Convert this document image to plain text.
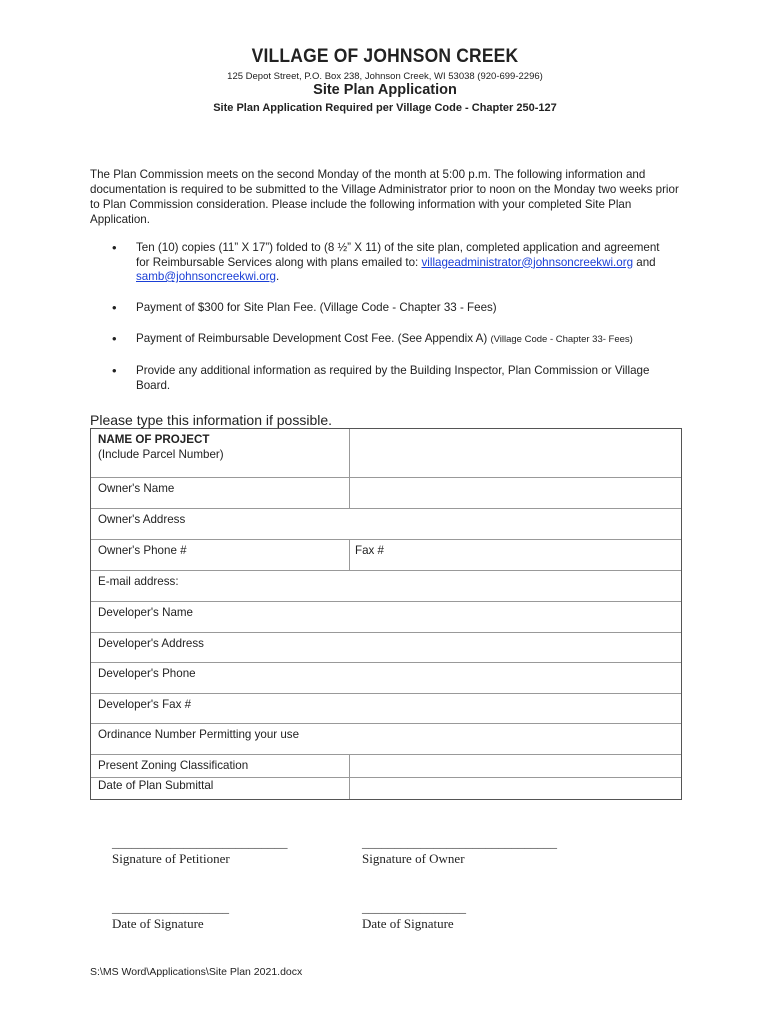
VILLAGE OF JOHNSON CREEK
125 Depot Street, P.O. Box 238, Johnson Creek, WI 53038 (920-699-2296)
Site Plan Application
Site Plan Application Required per Village Code - Chapter 250-127
The Plan Commission meets on the second Monday of the month at 5:00 p.m. The following information and documentation is required to be submitted to the Village Administrator prior to noon on the Monday two weeks prior to Plan Commission consideration. Please include the following information with your completed Site Plan Application.
• Ten (10) copies (11” X 17”) folded to (8 ½” X 11) of the site plan, completed application and agreement for Reimbursable Services along with plans emailed to: villageadministrator@johnsoncreekwi.org and samb@johnsoncreekwi.org.
• Payment of $300 for Site Plan Fee. (Village Code - Chapter 33 - Fees)
• Payment of Reimbursable Development Cost Fee. (See Appendix A) (Village Code - Chapter 33- Fees)
• Provide any additional information as required by the Building Inspector, Plan Commission or Village Board.
Please type this information if possible.
NAME OF PROJECT
(Include Parcel Number)
Owner's Name
Owner's Address
Owner's Phone #	Fax #
E-mail address:
Developer's Name
Developer's Address
Developer's Phone
Developer's Fax #
Ordinance Number Permitting your use
Present Zoning Classification
Date of Plan Submittal
___________________________
Signature of Petitioner
______________________________
Signature of Owner
__________________
Date of Signature
________________
Date of Signature
S:\MS Word\Applications\Site Plan 2021.docx
